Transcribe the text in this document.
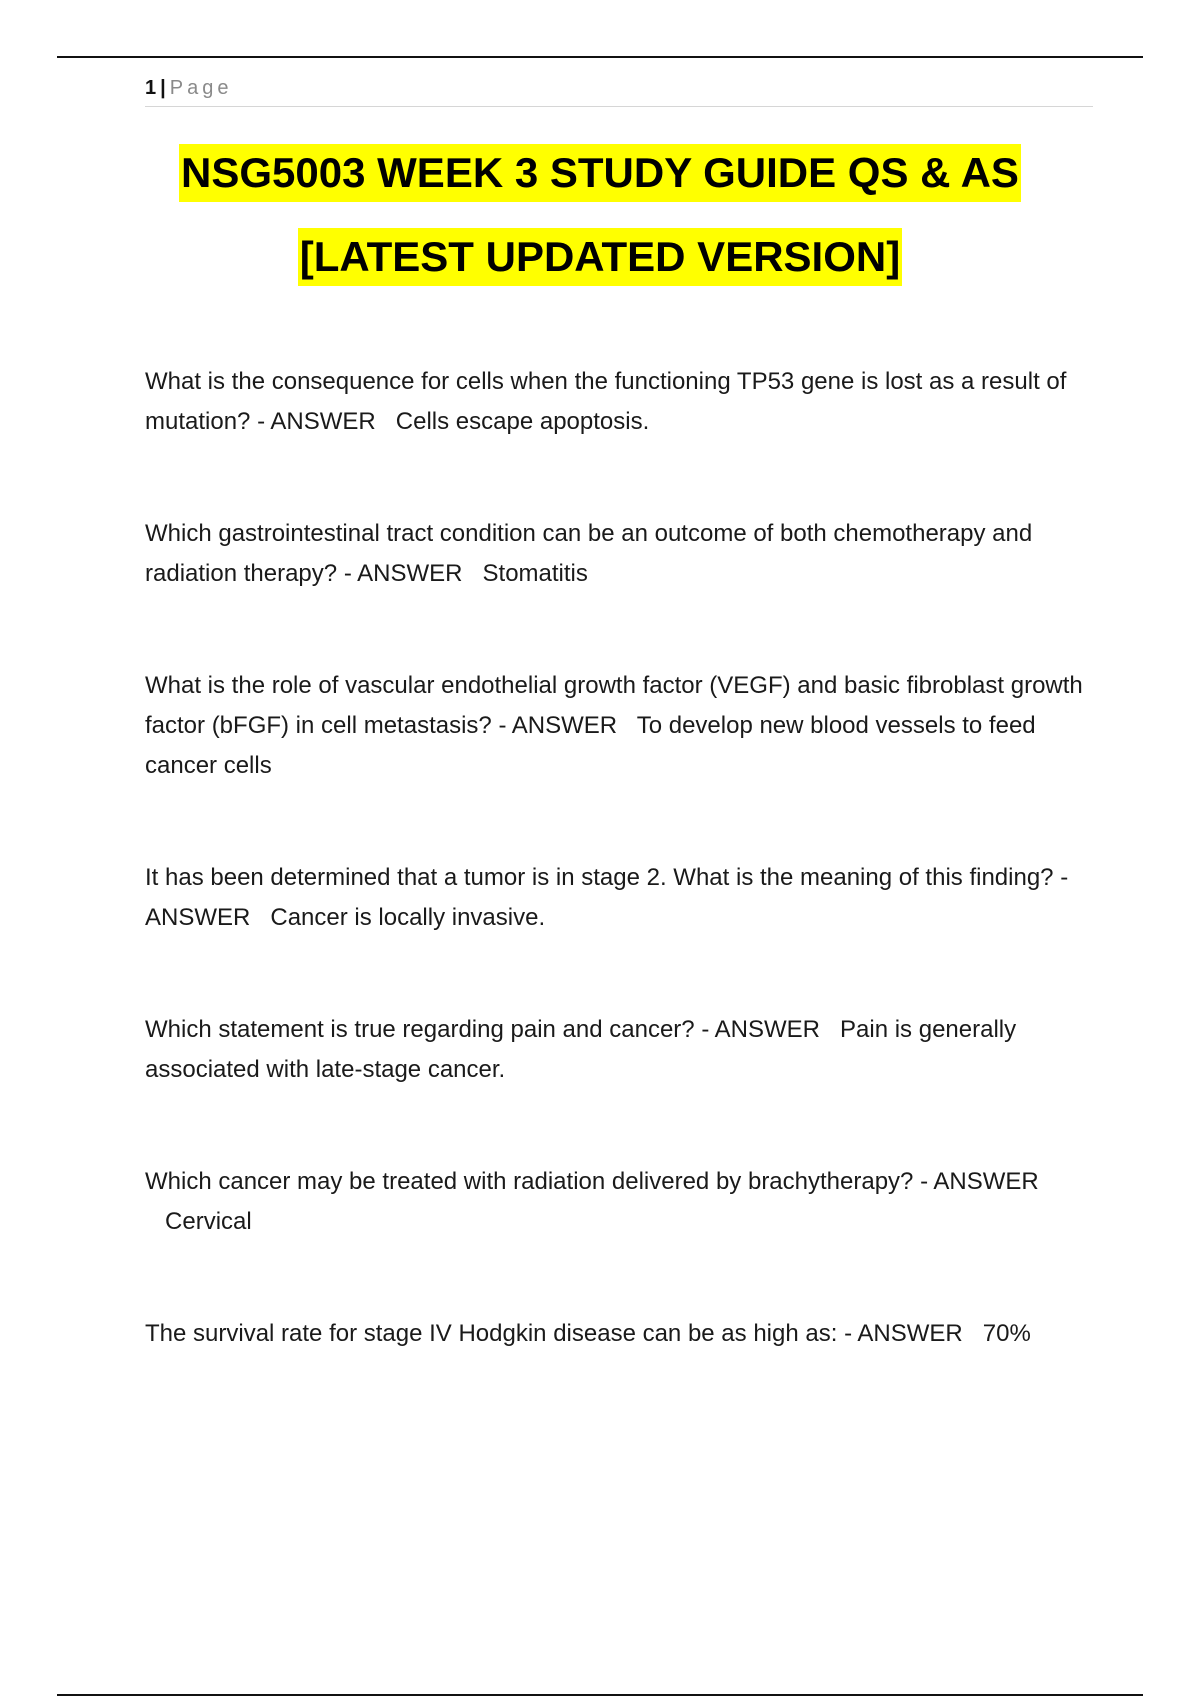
1 | Page
NSG5003 WEEK 3 STUDY GUIDE QS & AS
[LATEST UPDATED VERSION]

What is the consequence for cells when the functioning TP53 gene is lost as a result of mutation? - ANSWER Cells escape apoptosis.

Which gastrointestinal tract condition can be an outcome of both chemotherapy and radiation therapy? - ANSWER Stomatitis

What is the role of vascular endothelial growth factor (VEGF) and basic fibroblast growth factor (bFGF) in cell metastasis? - ANSWER To develop new blood vessels to feed cancer cells

It has been determined that a tumor is in stage 2. What is the meaning of this finding? - ANSWER Cancer is locally invasive.

Which statement is true regarding pain and cancer? - ANSWER Pain is generally associated with late-stage cancer.

Which cancer may be treated with radiation delivered by brachytherapy? - ANSWER   Cervical

The survival rate for stage IV Hodgkin disease can be as high as: - ANSWER 70%
